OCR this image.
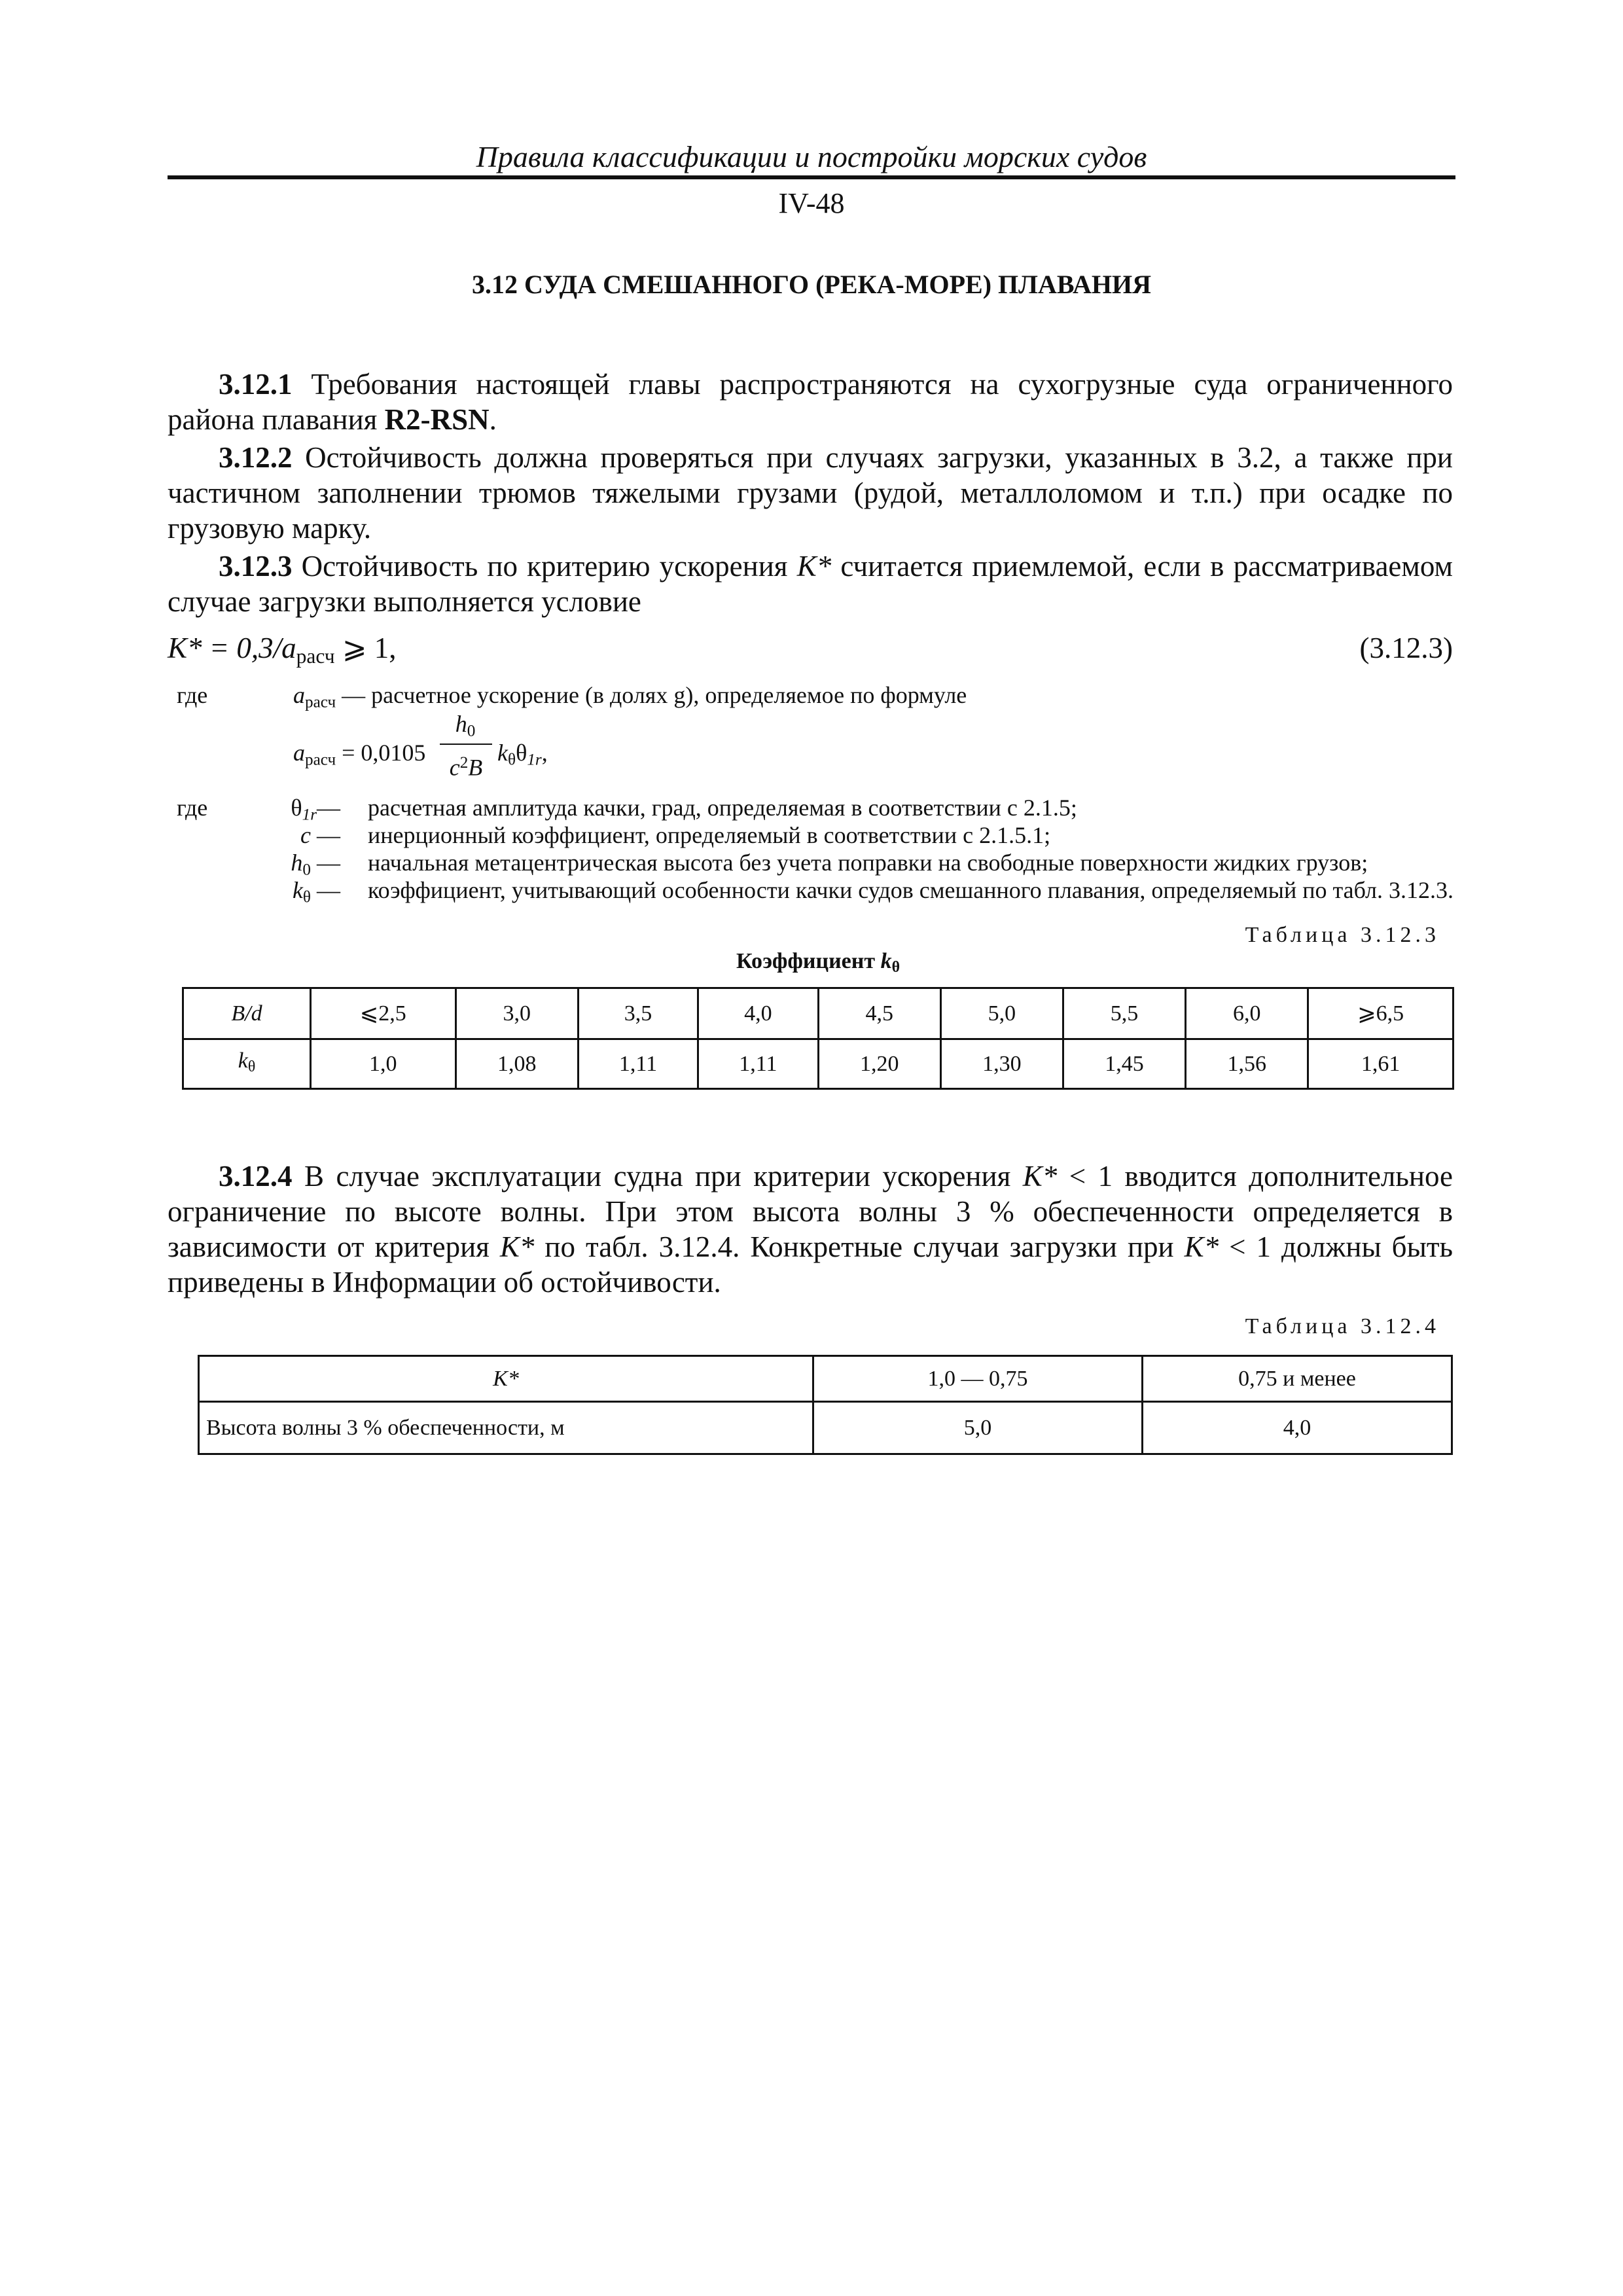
Правила классификации и постройки морских судов
IV-48
3.12 СУДА СМЕШАННОГО (РЕКА-МОРЕ) ПЛАВАНИЯ

3.12.1 Требования настоящей главы распространяются на сухогрузные суда ограниченного района плавания R2-RSN.

3.12.2 Остойчивость должна проверяться при случаях загрузки, указанных в 3.2, а также при частичном заполнении трюмов тяжелыми грузами (рудой, металлоломом и т.п.) при осадке по грузовую марку.

3.12.3 Остойчивость по критерию ускорения K* считается приемлемой, если в рассматриваемом случае загрузки выполняется условие

$K* = 0,3/a_{расч}$ ⩾ 1,	(3.12.3)
где	$a_{расч}$ — расчетное ускорение (в долях g), определяемое по формуле
$a_{расч} = 0,0105$
$h_0$
$c^2B$
$k_\theta\theta_{1r}$,
где	$\theta_{1r}—$ расчетная амплитуда качки, град, определяемая в соответствии с 2.1.5;
c — инерционный коэффициент, определяемый в соответствии с 2.1.5.1;
$h_0$ — начальная метацентрическая высота без учета поправки на свободные поверхности жидких грузов;
$k_\theta$ — коэффициент, учитывающий особенности качки судов смешанного плавания, определяемый по табл. 3.12.3.
Таблица 3.12.3
Коэффициент $k_\theta$
B/d	⩽2,5	3,0	3,5	4,0	4,5	5,0	5,5	6,0	⩾6,5
$k_\theta$	1,0	1,08	1,11	1,11	1,20	1,30	1,45	1,56	1,61

3.12.4 В случае эксплуатации судна при критерии ускорения K* < 1 вводится дополнительное ограничение по высоте волны. При этом высота волны 3 % обеспеченности определяется в зависимости от критерия K* по табл. 3.12.4. Конкретные случаи загрузки при K* < 1 должны быть приведены в Информации об остойчивости.

Таблица 3.12.4
K*	1,0 — 0,75	0,75 и менее
Высота волны 3 % обеспеченности, м	5,0	4,0
